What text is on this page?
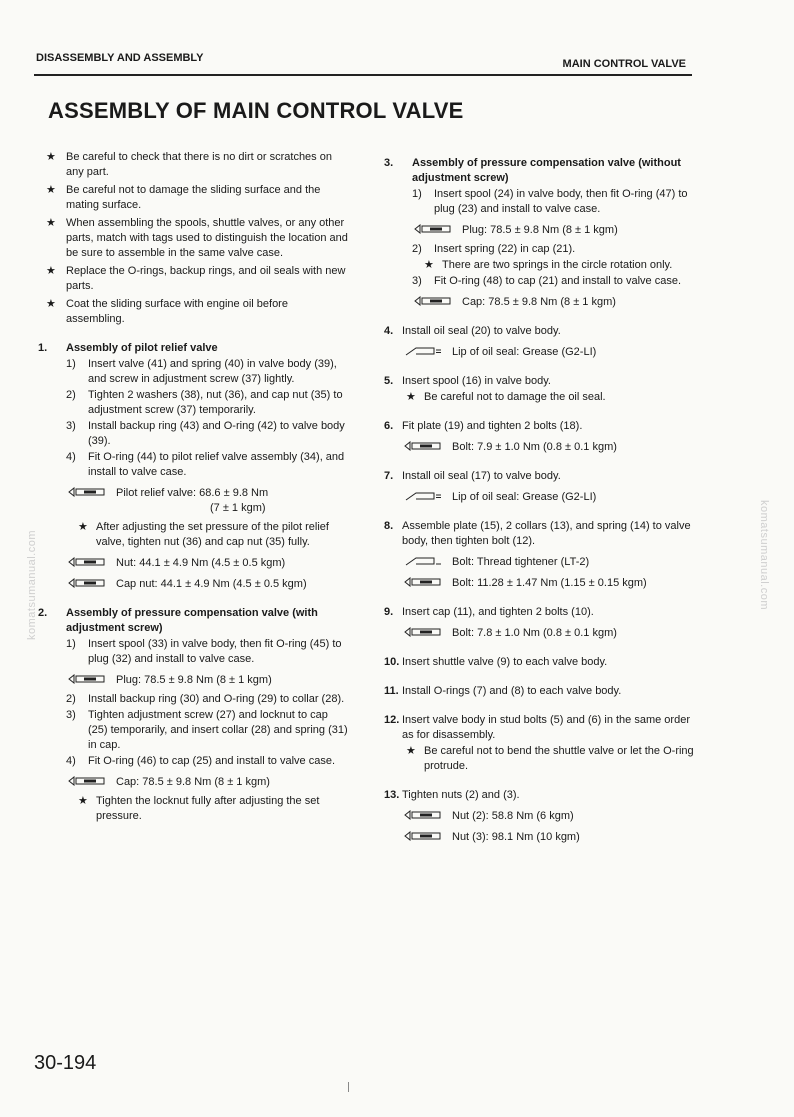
DISASSEMBLY AND ASSEMBLY	MAIN CONTROL VALVE
ASSEMBLY OF MAIN CONTROL VALVE
komatsumanual.com	komatsumanual.com
★ Be careful to check that there is no dirt or scratches on any part.
★ Be careful not to damage the sliding surface and the mating surface.
★ When assembling the spools, shuttle valves, or any other parts, match with tags used to distinguish the location and be sure to assemble in the same valve case.
★ Replace the O-rings, backup rings, and oil seals with new parts.
★ Coat the sliding surface with engine oil before assembling.
1. Assembly of pilot relief valve
1) Insert valve (41) and spring (40) in valve body (39), and screw in adjustment screw (37) lightly.
2) Tighten 2 washers (38), nut (36), and cap nut (35) to adjustment screw (37) temporarily.
3) Install backup ring (43) and O-ring (42) to valve body (39).
4) Fit O-ring (44) to pilot relief valve assembly (34), and install to valve case.
Pilot relief valve: 68.6 ± 9.8 Nm
(7 ± 1 kgm)
★ After adjusting the set pressure of the pilot relief valve, tighten nut (36) and cap nut (35) fully.
Nut: 44.1 ± 4.9 Nm (4.5 ± 0.5 kgm)
Cap nut: 44.1 ± 4.9 Nm (4.5 ± 0.5 kgm)
2. Assembly of pressure compensation valve (with adjustment screw)
1) Insert spool (33) in valve body, then fit O-ring (45) to plug (32) and install to valve case.
Plug: 78.5 ± 9.8 Nm (8 ± 1 kgm)
2) Install backup ring (30) and O-ring (29) to collar (28).
3) Tighten adjustment screw (27) and locknut to cap (25) temporarily, and insert collar (28) and spring (31) in cap.
4) Fit O-ring (46) to cap (25) and install to valve case.
Cap: 78.5 ± 9.8 Nm (8 ± 1 kgm)
★ Tighten the locknut fully after adjusting the set pressure.
3. Assembly of pressure compensation valve (without adjustment screw)
1) Insert spool (24) in valve body, then fit O-ring (47) to plug (23) and install to valve case.
Plug: 78.5 ± 9.8 Nm (8 ± 1 kgm)
2) Insert spring (22) in cap (21).
★ There are two springs in the circle rotation only.
3) Fit O-ring (48) to cap (21) and install to valve case.
Cap: 78.5 ± 9.8 Nm (8 ± 1 kgm)
4. Install oil seal (20) to valve body.
Lip of oil seal: Grease (G2-LI)
5. Insert spool (16) in valve body.
★ Be careful not to damage the oil seal.
6. Fit plate (19) and tighten 2 bolts (18).
Bolt: 7.9 ± 1.0 Nm (0.8 ± 0.1 kgm)
7. Install oil seal (17) to valve body.
Lip of oil seal: Grease (G2-LI)
8. Assemble plate (15), 2 collars (13), and spring (14) to valve body, then tighten bolt (12).
Bolt: Thread tightener (LT-2)
Bolt: 11.28 ± 1.47 Nm (1.15 ± 0.15 kgm)
9. Insert cap (11), and tighten 2 bolts (10).
Bolt: 7.8 ± 1.0 Nm (0.8 ± 0.1 kgm)
10. Insert shuttle valve (9) to each valve body.
11. Install O-rings (7) and (8) to each valve body.
12. Insert valve body in stud bolts (5) and (6) in the same order as for disassembly.
★ Be careful not to bend the shuttle valve or let the O-ring protrude.
13. Tighten nuts (2) and (3).
Nut (2): 58.8 Nm (6 kgm)
Nut (3): 98.1 Nm (10 kgm)
30-194
